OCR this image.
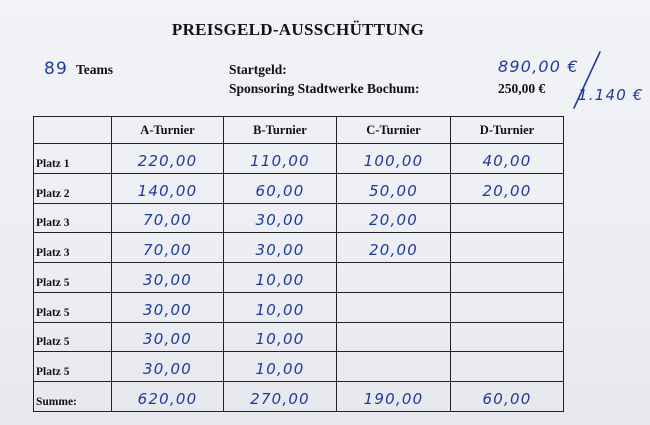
PREISGELD-AUSSCHÜTTUNG
89 Teams	Startgeld:	890,00 €
Sponsoring Stadtwerke Bochum:	250,00 € 1.140 €
	A-Turnier	B-Turnier	C-Turnier	D-Turnier
Platz 1	220,00	110,00	100,00	40,00
Platz 2	140,00	60,00	50,00	20,00
Platz 3	70,00	30,00	20,00	
Platz 3	70,00	30,00	20,00	
Platz 5	30,00	10,00		
Platz 5	30,00	10,00		
Platz 5	30,00	10,00		
Platz 5	30,00	10,00		
Summe:	620,00	270,00	190,00	60,00
